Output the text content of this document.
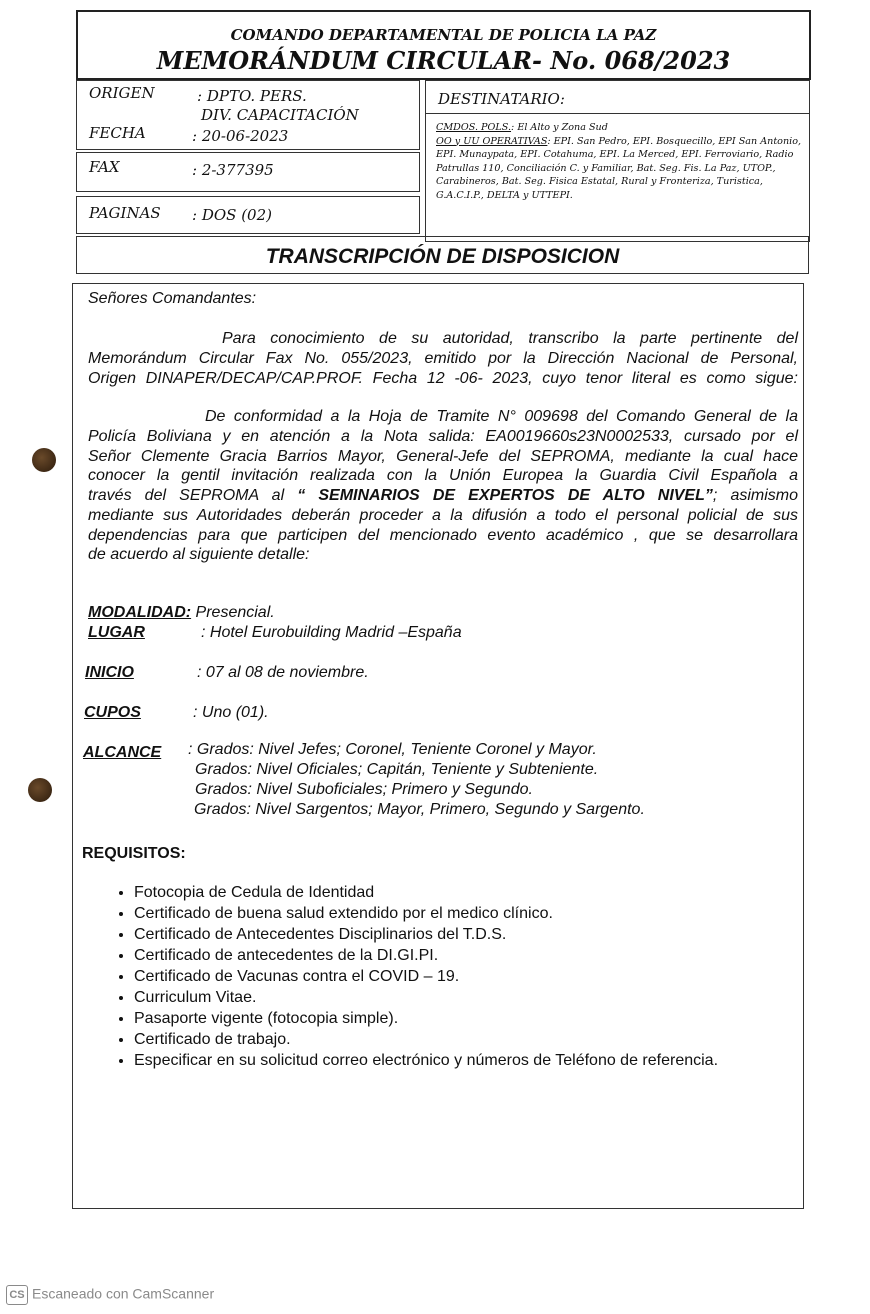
COMANDO DEPARTAMENTAL DE POLICIA LA PAZ
MEMORÁNDUM CIRCULAR- No. 068/2023
ORIGEN	: DPTO. PERS.
DIV. CAPACITACIÓN
FECHA	: 20-06-2023
FAX	: 2-377395
PAGINAS : DOS (02)
DESTINATARIO:
CMDOS. POLS.: El Alto y Zona Sud
OO y UU OPERATIVAS: EPI. San Pedro, EPI. Bosquecillo, EPI San Antonio,
EPI. Munaypata, EPI. Cotahuma, EPI. La Merced, EPI. Ferroviario, Radio
Patrullas 110, Conciliación C. y Familiar, Bat. Seg. Fis. La Paz, UTOP.,
Carabineros, Bat. Seg. Fisica Estatal, Rural y Fronteriza, Turistica,
G.A.C.I.P., DELTA y UTTEPI.
TRANSCRIPCIÓN DE DISPOSICION
Señores Comandantes:
Para conocimiento de su autoridad, transcribo la parte pertinente del
Memorándum Circular Fax No. 055/2023, emitido por la Dirección Nacional de Personal,
Origen DINAPER/DECAP/CAP.PROF. Fecha 12 -06- 2023, cuyo tenor literal es como sigue:
De conformidad a la Hoja de Tramite N° 009698 del Comando General de la
Policía Boliviana y en atención a la Nota salida: EA0019660s23N0002533, cursado por el
Señor Clemente Gracia Barrios Mayor, General-Jefe del SEPROMA, mediante la cual hace
conocer la gentil invitación realizada con la Unión Europea la Guardia Civil Española a
través del SEPROMA al “ SEMINARIOS DE EXPERTOS DE ALTO NIVEL”; asimismo
mediante sus Autoridades deberán proceder a la difusión a todo el personal policial de sus
dependencias para que participen del mencionado evento académico , que se desarrollara
de acuerdo al siguiente detalle:
MODALIDAD: Presencial.
LUGAR	: Hotel Eurobuilding Madrid –España
INICIO	: 07 al 08 de noviembre.
CUPOS	: Uno (01).
ALCANCE : Grados: Nivel Jefes; Coronel, Teniente Coronel y Mayor.
Grados: Nivel Oficiales; Capitán, Teniente y Subteniente.
Grados: Nivel Suboficiales; Primero y Segundo.
Grados: Nivel Sargentos; Mayor, Primero, Segundo y Sargento.
REQUISITOS:
• Fotocopia de Cedula de Identidad
• Certificado de buena salud extendido por el medico clínico.
• Certificado de Antecedentes Disciplinarios del T.D.S.
• Certificado de antecedentes de la DI.GI.PI.
• Certificado de Vacunas contra el COVID – 19.
• Curriculum Vitae.
• Pasaporte vigente (fotocopia simple).
• Certificado de trabajo.
• Especificar en su solicitud correo electrónico y números de Teléfono de referencia.
CS Escaneado con CamScanner
